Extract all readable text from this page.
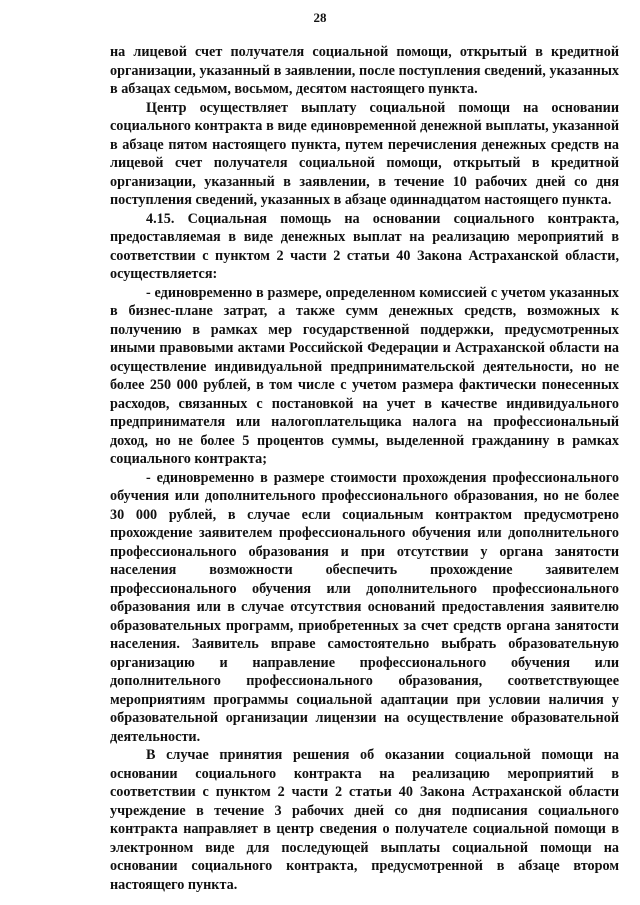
28

на лицевой счет получателя социальной помощи, открытый в кредитной организации, указанный в заявлении, после поступления сведений, указанных в абзацах седьмом, восьмом, десятом настоящего пункта.

Центр осуществляет выплату социальной помощи на основании социального контракта в виде единовременной денежной выплаты, указанной в абзаце пятом настоящего пункта, путем перечисления денежных средств на лицевой счет получателя социальной помощи, открытый в кредитной организации, указанный в заявлении, в течение 10 рабочих дней со дня поступления сведений, указанных в абзаце одиннадцатом настоящего пункта.

4.15. Социальная помощь на основании социального контракта, предоставляемая в виде денежных выплат на реализацию мероприятий в соответствии с пунктом 2 части 2 статьи 40 Закона Астраханской области, осуществляется:

- единовременно в размере, определенном комиссией с учетом указанных в бизнес-плане затрат, а также сумм денежных средств, возможных к получению в рамках мер государственной поддержки, предусмотренных иными правовыми актами Российской Федерации и Астраханской области на осуществление индивидуальной предпринимательской деятельности, но не более 250 000 рублей, в том числе с учетом размера фактически понесенных расходов, связанных с постановкой на учет в качестве индивидуального предпринимателя или налогоплательщика налога на профессиональный доход, но не более 5 процентов суммы, выделенной гражданину в рамках социального контракта;

- единовременно в размере стоимости прохождения профессионального обучения или дополнительного профессионального образования, но не более 30 000 рублей, в случае если социальным контрактом предусмотрено прохождение заявителем профессионального обучения или дополнительного профессионального образования и при отсутствии у органа занятости населения возможности обеспечить прохождение заявителем профессионального обучения или дополнительного профессионального образования или в случае отсутствия оснований предоставления заявителю образовательных программ, приобретенных за счет средств органа занятости населения. Заявитель вправе самостоятельно выбрать образовательную организацию и направление профессионального обучения или дополнительного профессионального образования, соответствующее мероприятиям программы социальной адаптации при условии наличия у образовательной организации лицензии на осуществление образовательной деятельности.

В случае принятия решения об оказании социальной помощи на основании социального контракта на реализацию мероприятий в соответствии с пунктом 2 части 2 статьи 40 Закона Астраханской области учреждение в течение 3 рабочих дней со дня подписания социального контракта направляет в центр сведения о получателе социальной помощи в электронном виде для последующей выплаты социальной помощи на основании социального контракта, предусмотренной в абзаце втором настоящего пункта.
